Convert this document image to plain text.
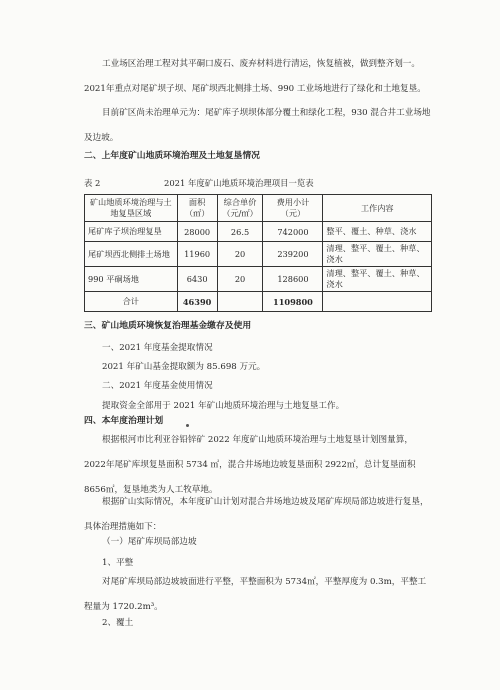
工业场区治理工程对其平硐口废石、废弃材料进行清运，恢复植被，做到整齐划一。2021年重点对尾矿坝子坝、尾矿坝西北侧排土场、990 工业场地进行了绿化和土地复垦。

目前矿区尚未治理单元为：尾矿库子坝坝体部分覆土和绿化工程，930 混合井工业场地及边坡。

二、上年度矿山地质环境治理及土地复垦情况

表 2	2021 年度矿山地质环境治理项目一览表
矿山地质环境治理与土地复垦区域	面积（㎡）	综合单价（元/㎡）	费用小计（元）	工作内容
尾矿库子坝治理复垦	28000	26.5	742000	整平、覆土、种草、浇水
尾矿坝西北侧排土场地	11960	20	239200	清理、整平、覆土、种草、浇水
990 平硐场地	6430	20	128600	清理、整平、覆土、种草、浇水
合计	46390		1109800	

三、矿山地质环境恢复治理基金缴存及使用

一、2021 年度基金提取情况

2021 年矿山基金提取额为 85.698 万元。

二、2021 年度基金使用情况

提取资金全部用于 2021 年矿山地质环境治理与土地复垦工作。

四、本年度治理计划

根据根河市比利亚谷铅锌矿 2022 年度矿山地质环境治理与土地复垦计划图量算，2022年尾矿库坝复垦面积 5734 ㎡，混合井场地边坡复垦面积 2922㎡，总计复垦面积 8656㎡，复垦地类为人工牧草地。

根据矿山实际情况，本年度矿山计划对混合井场地边坡及尾矿库坝局部边坡进行复垦，具体治理措施如下：

（一）尾矿库坝局部边坡

1、平整

对尾矿库坝局部边坡坡面进行平整，平整面积为 5734㎡，平整厚度为 0.3m，平整工程量为 1720.2m³。

2、覆土
